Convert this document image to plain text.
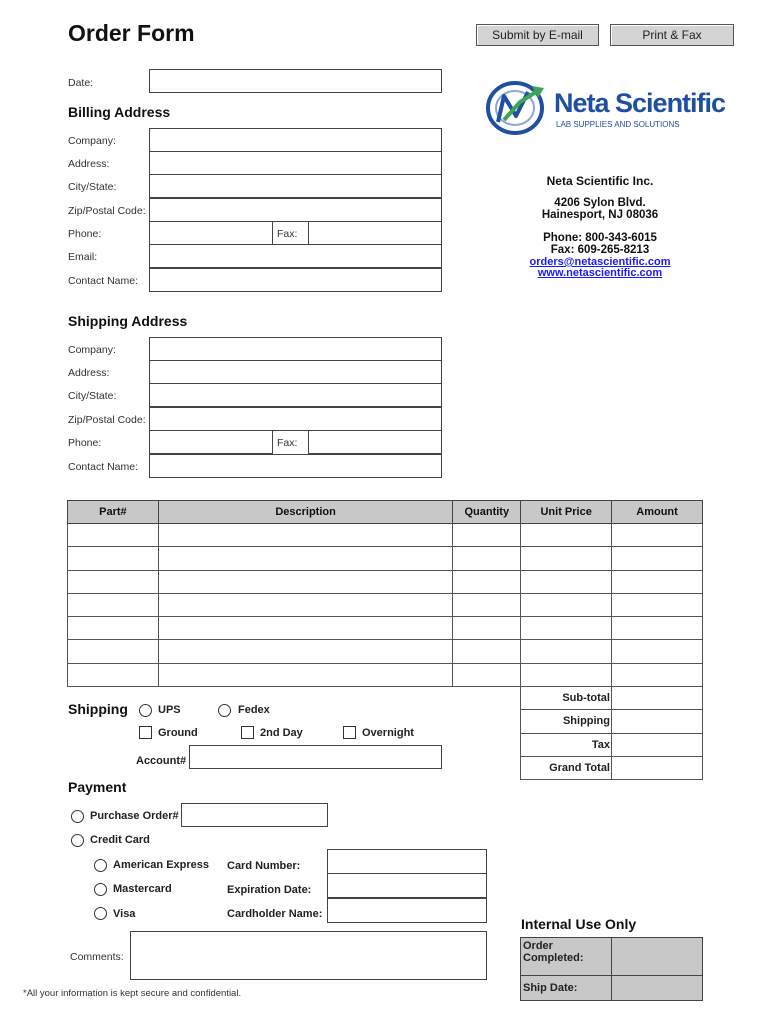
Order Form	Submit by E-mail	Print & Fax
Date:
Billing Address
Company:
Address:
City/State:
Zip/Postal Code:
Phone:	Fax:
Email:
Contact Name:
Shipping Address
Company:
Address:
City/State:
Zip/Postal Code:
Phone:	Fax:
Contact Name:
Neta Scientific
LAB SUPPLIES AND SOLUTIONS
Neta Scientific Inc.
4206 Sylon Blvd.
Hainesport, NJ 08036
Phone: 800-343-6015
Fax: 609-265-8213
orders@netascientific.com
www.netascientific.com
Part#	Description	Quantity	Unit Price	Amount

Sub-total	
Shipping	
Tax	
Grand Total	
Shipping	UPS	Fedex
Ground	2nd Day	Overnight
Account#
Payment
Purchase Order#
Credit Card
American Express
Mastercard
Visa
Card Number:
Expiration Date:
Cardholder Name:
Comments:
Internal Use Only
Order Completed:	
Ship Date:	
*All your information is kept secure and confidential.
